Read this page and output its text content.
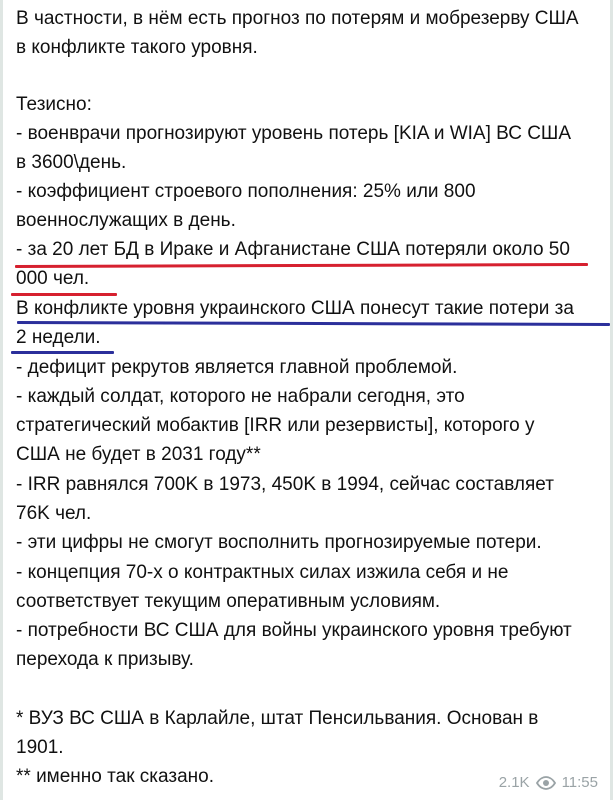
В частности, в нём есть прогноз по потерям и мобрезерву США
в конфликте такого уровня.
Тезисно:
- военврачи прогнозируют уровень потерь [KIA и WIA] ВС США
в 3600\день.
- коэффициент строевого пополнения: 25% или 800
военнослужащих в день.
- за 20 лет БД в Ираке и Афганистане США потеряли около 50
000 чел.
В конфликте уровня украинского США понесут такие потери за
2 недели.
- дефицит рекрутов является главной проблемой.
- каждый солдат, которого не набрали сегодня, это
стратегический мобактив [IRR или резервисты], которого у
США не будет в 2031 году**
- IRR равнялся 700K в 1973, 450K в 1994, сейчас составляет
76K чел.
- эти цифры не смогут восполнить прогнозируемые потери.
- концепция 70-х о контрактных силах изжила себя и не
соответствует текущим оперативным условиям.
- потребности ВС США для войны украинского уровня требуют
перехода к призыву.
* ВУЗ ВС США в Карлайле, штат Пенсильвания. Основан в
1901.
** именно так сказано.	2.1K 11:55
